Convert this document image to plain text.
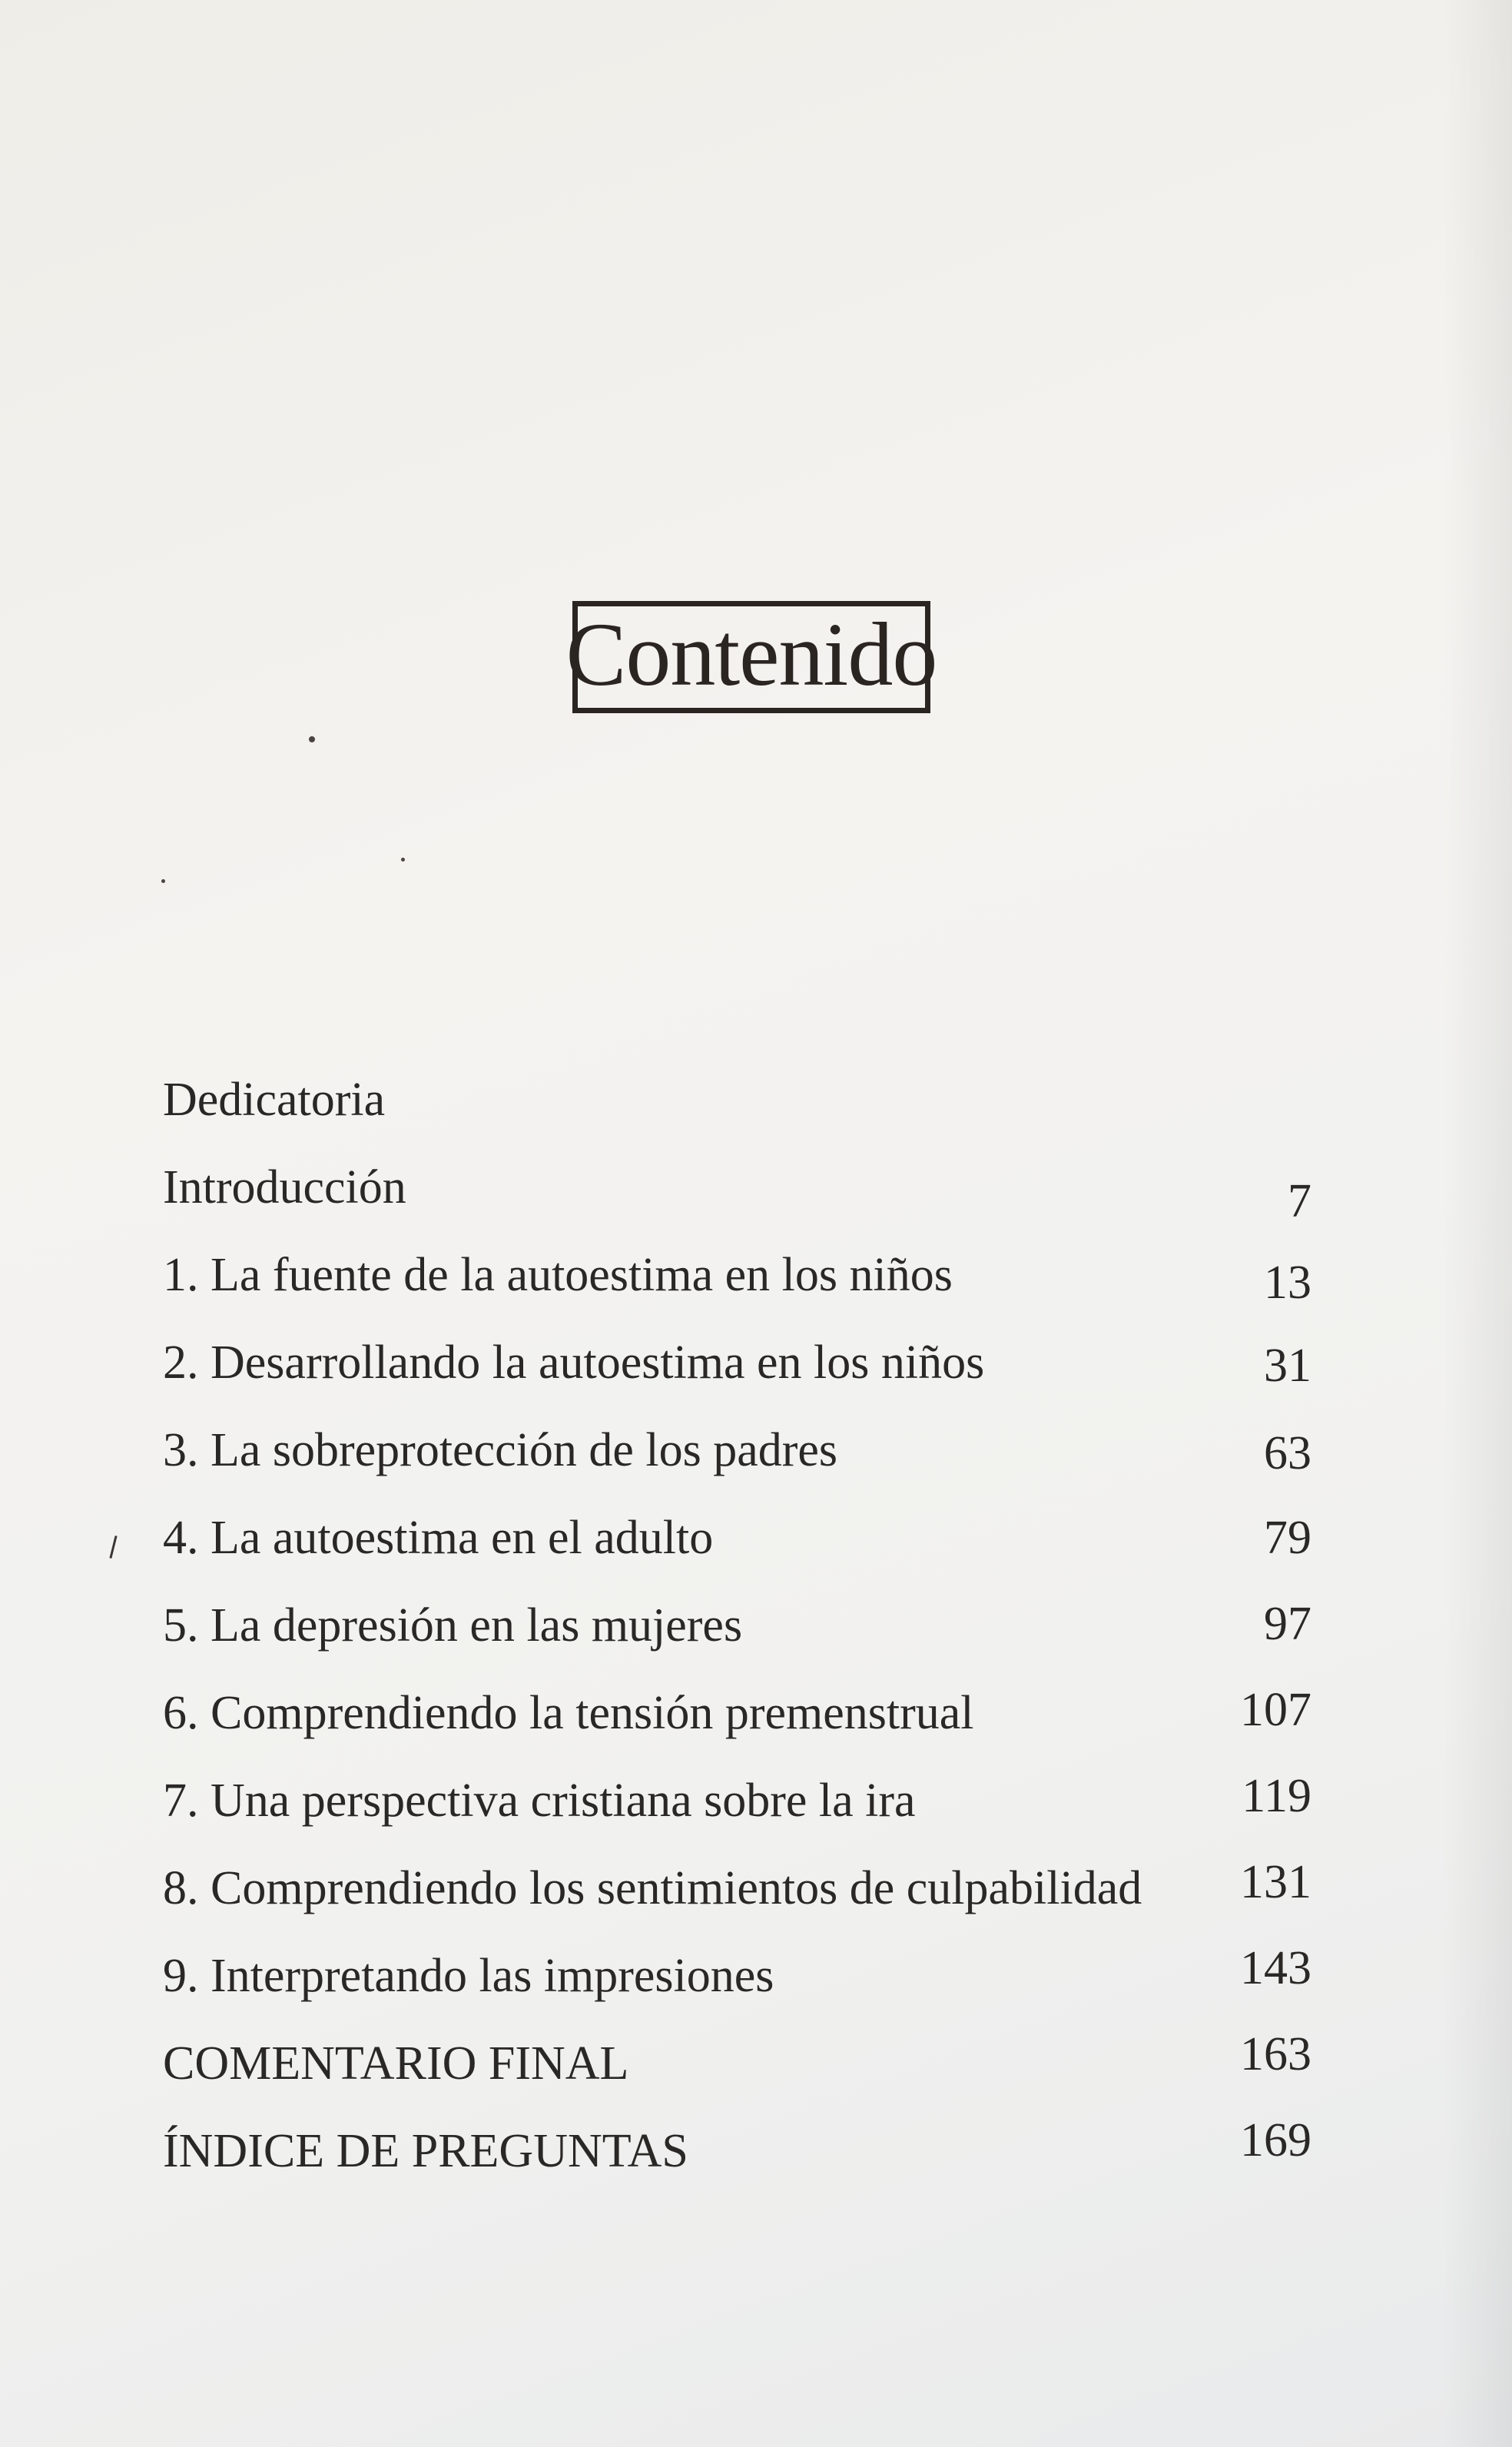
Contenido
Dedicatoria
Introducción	7
1. La fuente de la autoestima en los niños	13
2. Desarrollando la autoestima en los niños	31
3. La sobreprotección de los padres	63
4. La autoestima en el adulto	79
5. La depresión en las mujeres	97
6. Comprendiendo la tensión premenstrual	107
7. Una perspectiva cristiana sobre la ira	119
8. Comprendiendo los sentimientos de culpabilidad 131
9. Interpretando las impresiones	143
COMENTARIO FINAL	163
ÍNDICE DE PREGUNTAS	169
